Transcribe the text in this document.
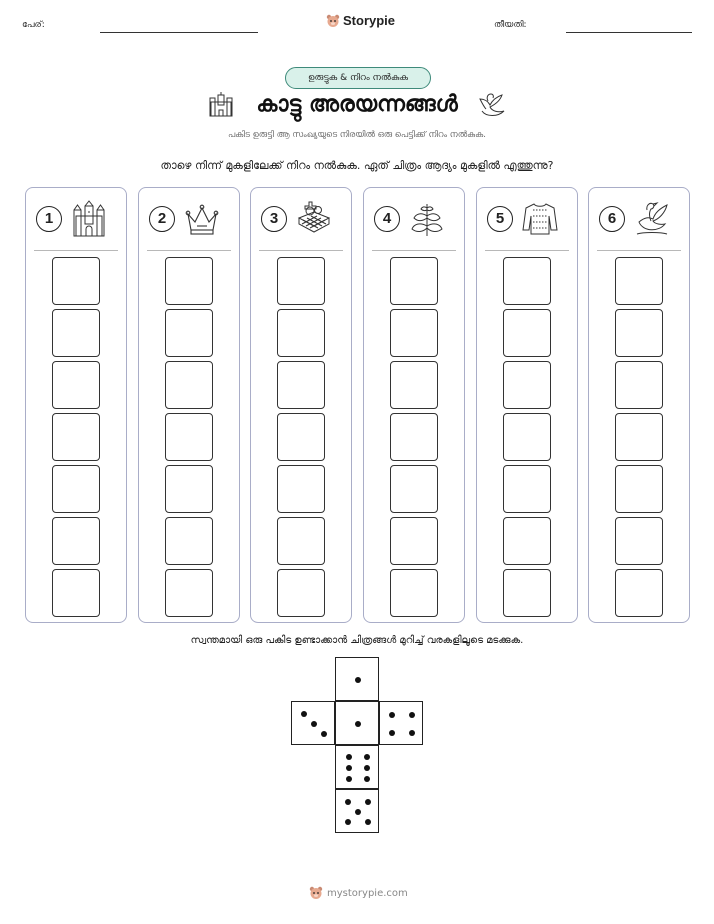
പേര്:	Storypie	തീയതി:
ഉരുട്ടുക & നിറം നൽകുക
കാട്ടു അരയന്നങ്ങൾ
പകിട ഉരുട്ടി ആ സംഖ്യയുടെ നിരയിൽ ഒരു പെട്ടിക്ക് നിറം നൽകുക.
താഴെ നിന്ന് മുകളിലേക്ക് നിറം നൽകുക. ഏത് ചിത്രം ആദ്യം മുകളിൽ എത്തുന്നു?
1	2	3	4	5	6
സ്വന്തമായി ഒരു പകിട ഉണ്ടാക്കാൻ ചിത്രങ്ങൾ മുറിച്ച് വരകളിലൂടെ മടക്കുക.
mystorypie.com
